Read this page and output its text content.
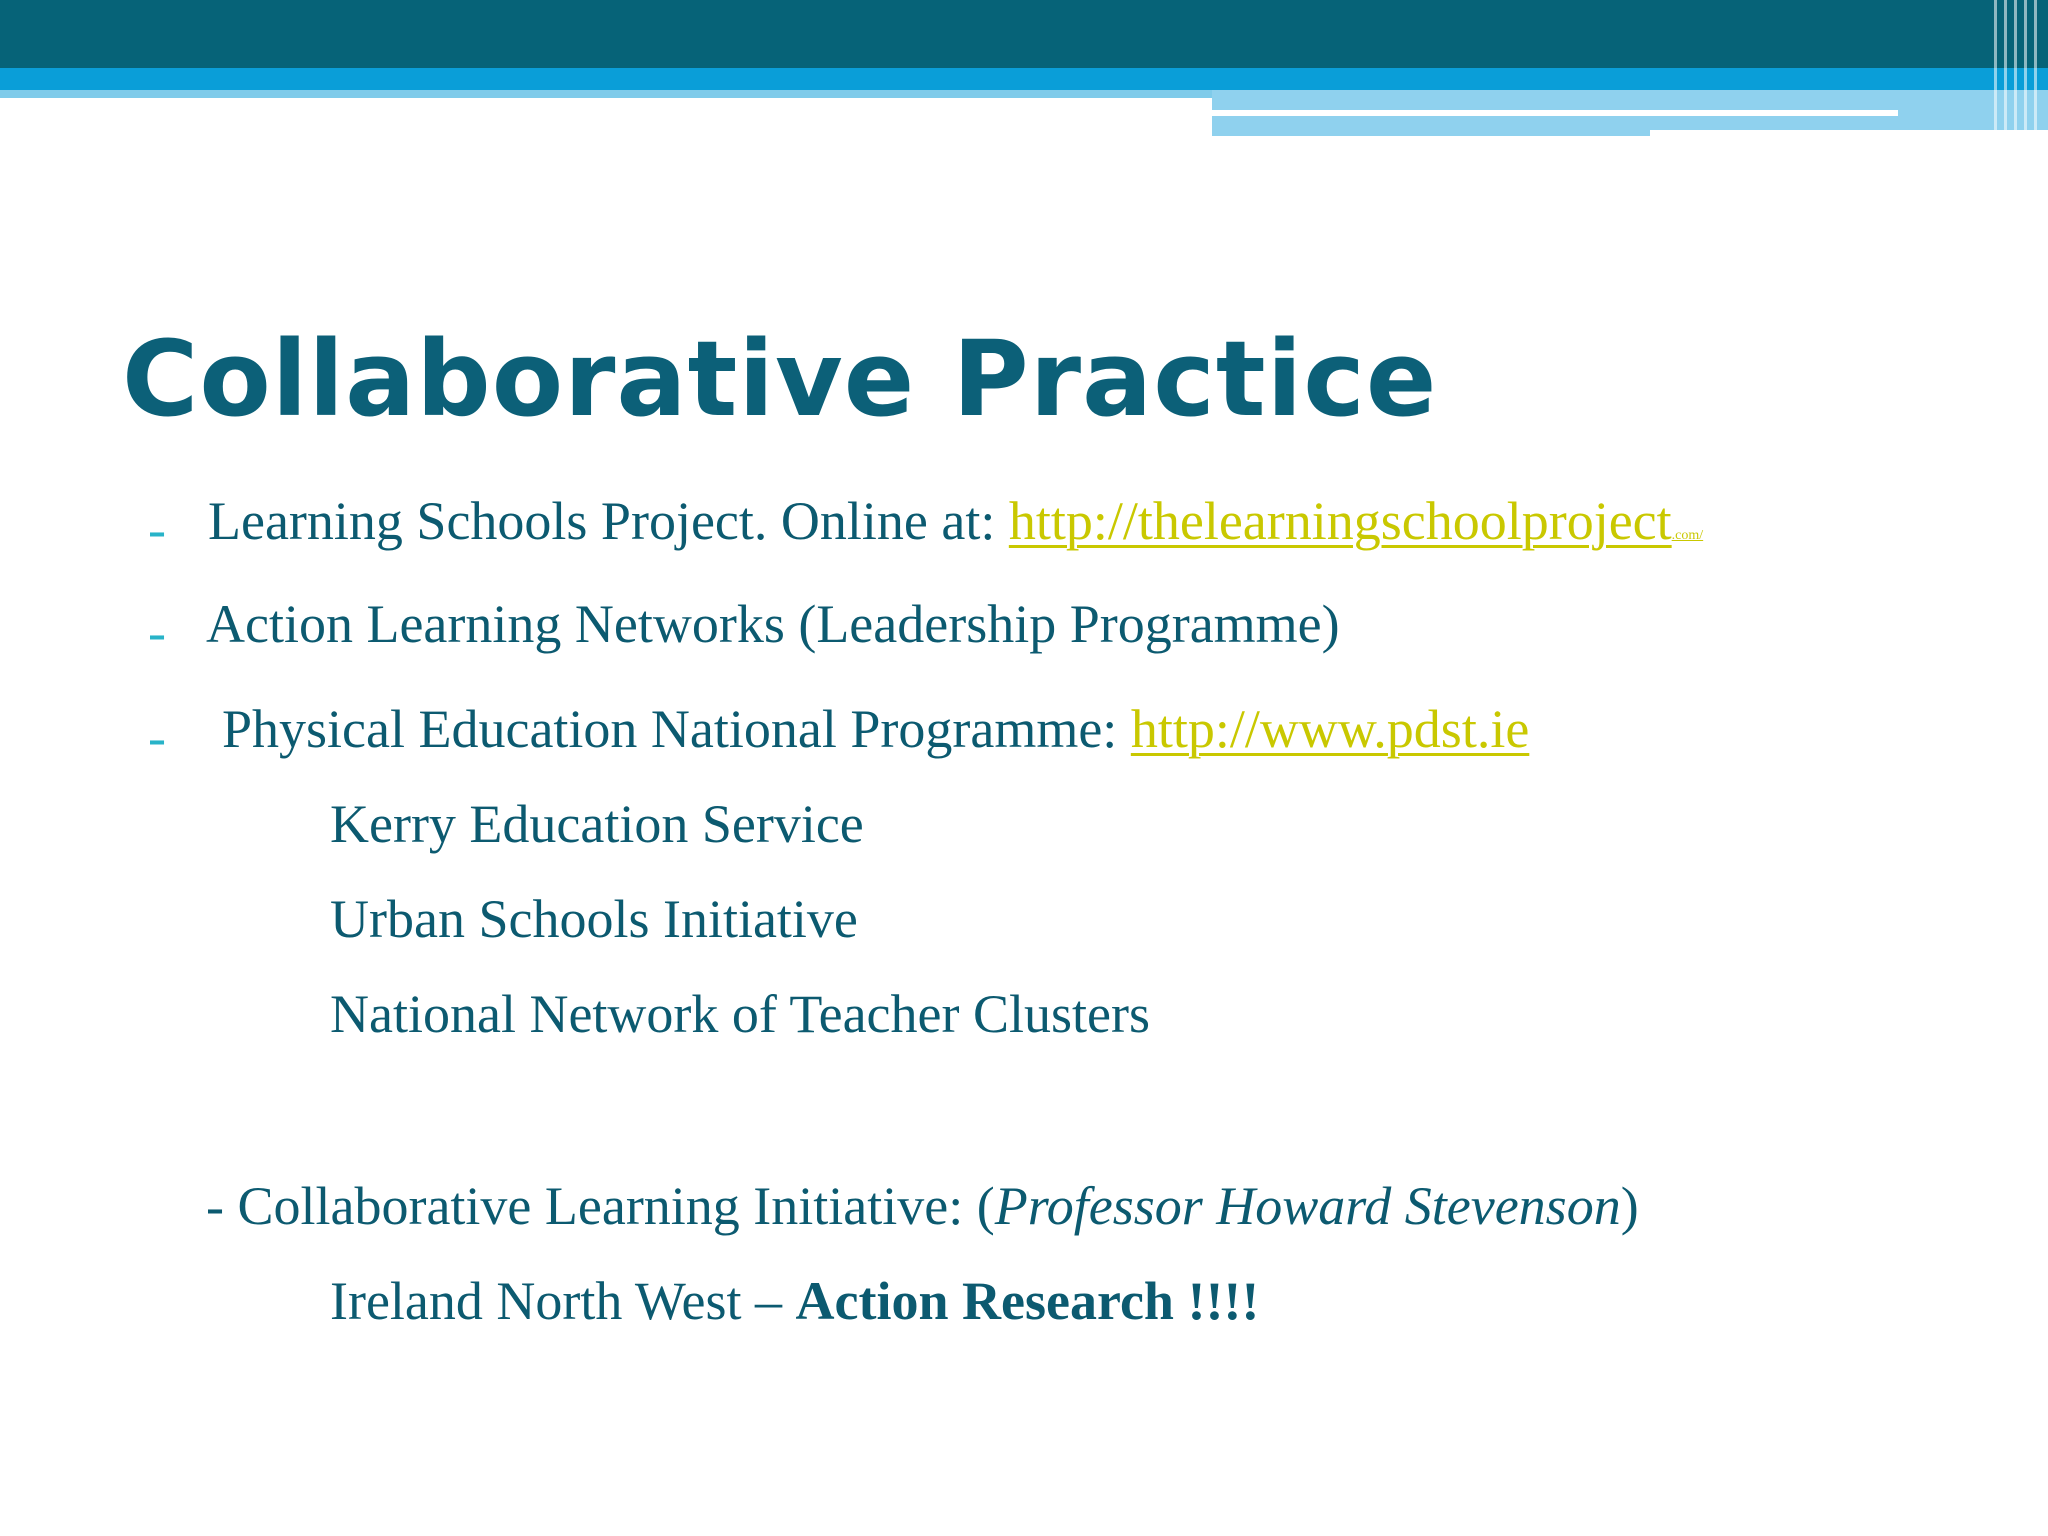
Collaborative Practice
- Learning Schools Project. Online at: http://thelearningschoolproject.com/
- Action Learning Networks (Leadership Programme)
- Physical Education National Programme: http://www.pdst.ie
Kerry Education Service
Urban Schools Initiative
National Network of Teacher Clusters
- Collaborative Learning Initiative: (Professor Howard Stevenson)
Ireland North West – Action Research !!!!
